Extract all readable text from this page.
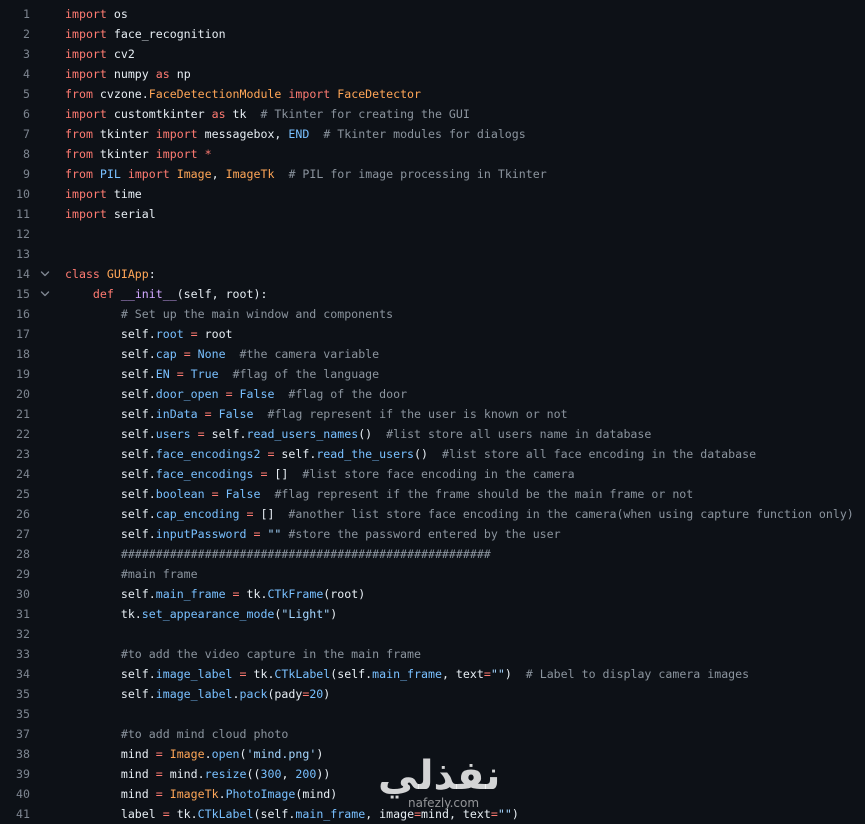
1	import os
2	import face_recognition
3	import cv2
4	import numpy as np
5	from cvzone.FaceDetectionModule import FaceDetector
6	import customtkinter as tk  # Tkinter for creating the GUI
7	from tkinter import messagebox, END # Tkinter modules for dialogs
8	from tkinter import *
9	from PIL import Image, ImageTk # PIL for image processing in Tkinter
10	import time
11	import serial
12
13
14	class GUIApp:
15	def __init__(self, root):
16	# Set up the main window and components
17	self.root = root
18	self.cap = None #the camera variable
19	self.EN = True #flag of the language
20	self.door_open = False #flag of the door
21	self.inData = False #flag represent if the user is known or not
22	self.users = self.read_users_names()  #list store all users name in database
23	self.face_encodings2 = self.read_the_users()  #list store all face encoding in the database
24	self.face_encodings = []  #list store face encoding in the camera
25	self.boolean = False #flag represent if the frame should be the main frame or not
26	self.cap_encoding = []  #another list store face encoding in the camera(when using capture function only)
27	self.inputPassword = "" #store the password entered by the user
28	#####################################################
29	#main frame
30	self.main_frame = tk.CTkFrame(root)
31	tk.set_appearance_mode("Light")
32
33	#to add the video capture in the main frame
34	self.image_label = tk.CTkLabel(self.main_frame, text="")  # Label to display camera images
35	self.image_label.pack(pady=20)
35
37	#to add mind cloud photo
38	mind = Image.open('mind.png')
39	mind = mind.resize((300, 200))
40	mind = ImageTk.PhotoImage(mind)
41	label = tk.CTkLabel(self.main_frame, image=mind, text="")
نفذلي
nafezly.com
